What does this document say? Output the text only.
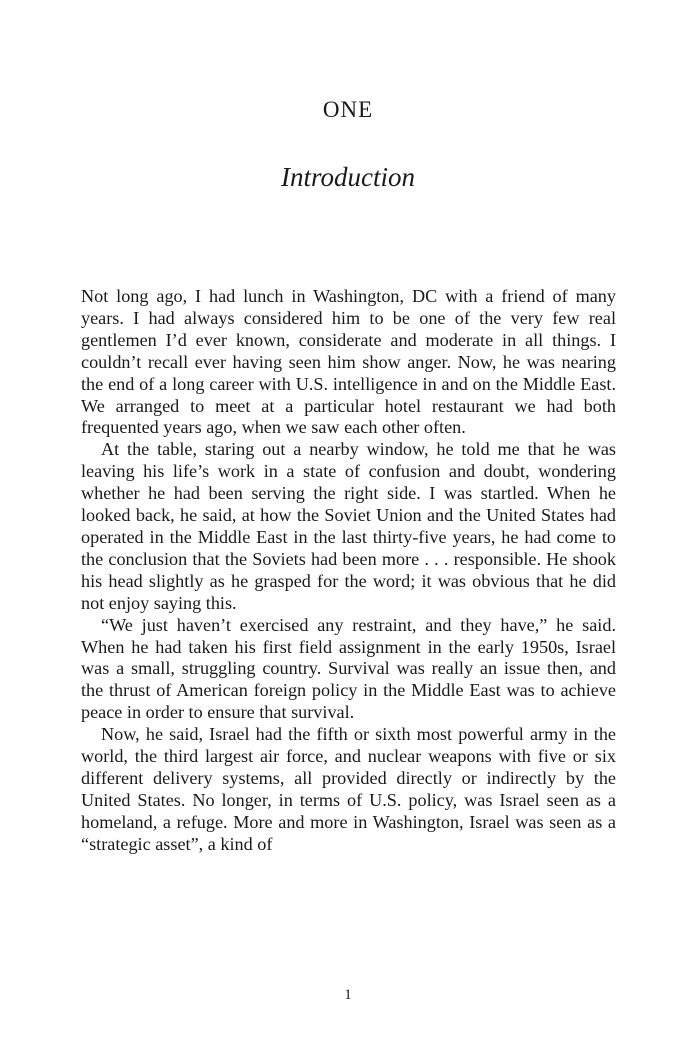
ONE
Introduction

Not long ago, I had lunch in Washington, DC with a friend of many years. I had always considered him to be one of the very few real gentlemen I’d ever known, considerate and moderate in all things. I couldn’t recall ever having seen him show anger. Now, he was nearing the end of a long career with U.S. intelligence in and on the Middle East. We arranged to meet at a particular hotel restaurant we had both frequented years ago, when we saw each other often.

At the table, staring out a nearby window, he told me that he was leaving his life’s work in a state of confusion and doubt, wondering whether he had been serving the right side. I was startled. When he looked back, he said, at how the Soviet Union and the United States had operated in the Middle East in the last thirty-five years, he had come to the conclusion that the Soviets had been more . . . responsible. He shook his head slightly as he grasped for the word; it was obvious that he did not enjoy saying this.

“We just haven’t exercised any restraint, and they have,” he said. When he had taken his first field assignment in the early 1950s, Israel was a small, struggling country. Survival was really an issue then, and the thrust of American foreign policy in the Middle East was to achieve peace in order to ensure that survival.

Now, he said, Israel had the fifth or sixth most powerful army in the world, the third largest air force, and nuclear weapons with five or six different delivery systems, all provided directly or indirectly by the United States. No longer, in terms of U.S. policy, was Israel seen as a homeland, a refuge. More and more in Washington, Israel was seen as a “strategic asset”, a kind of

1
